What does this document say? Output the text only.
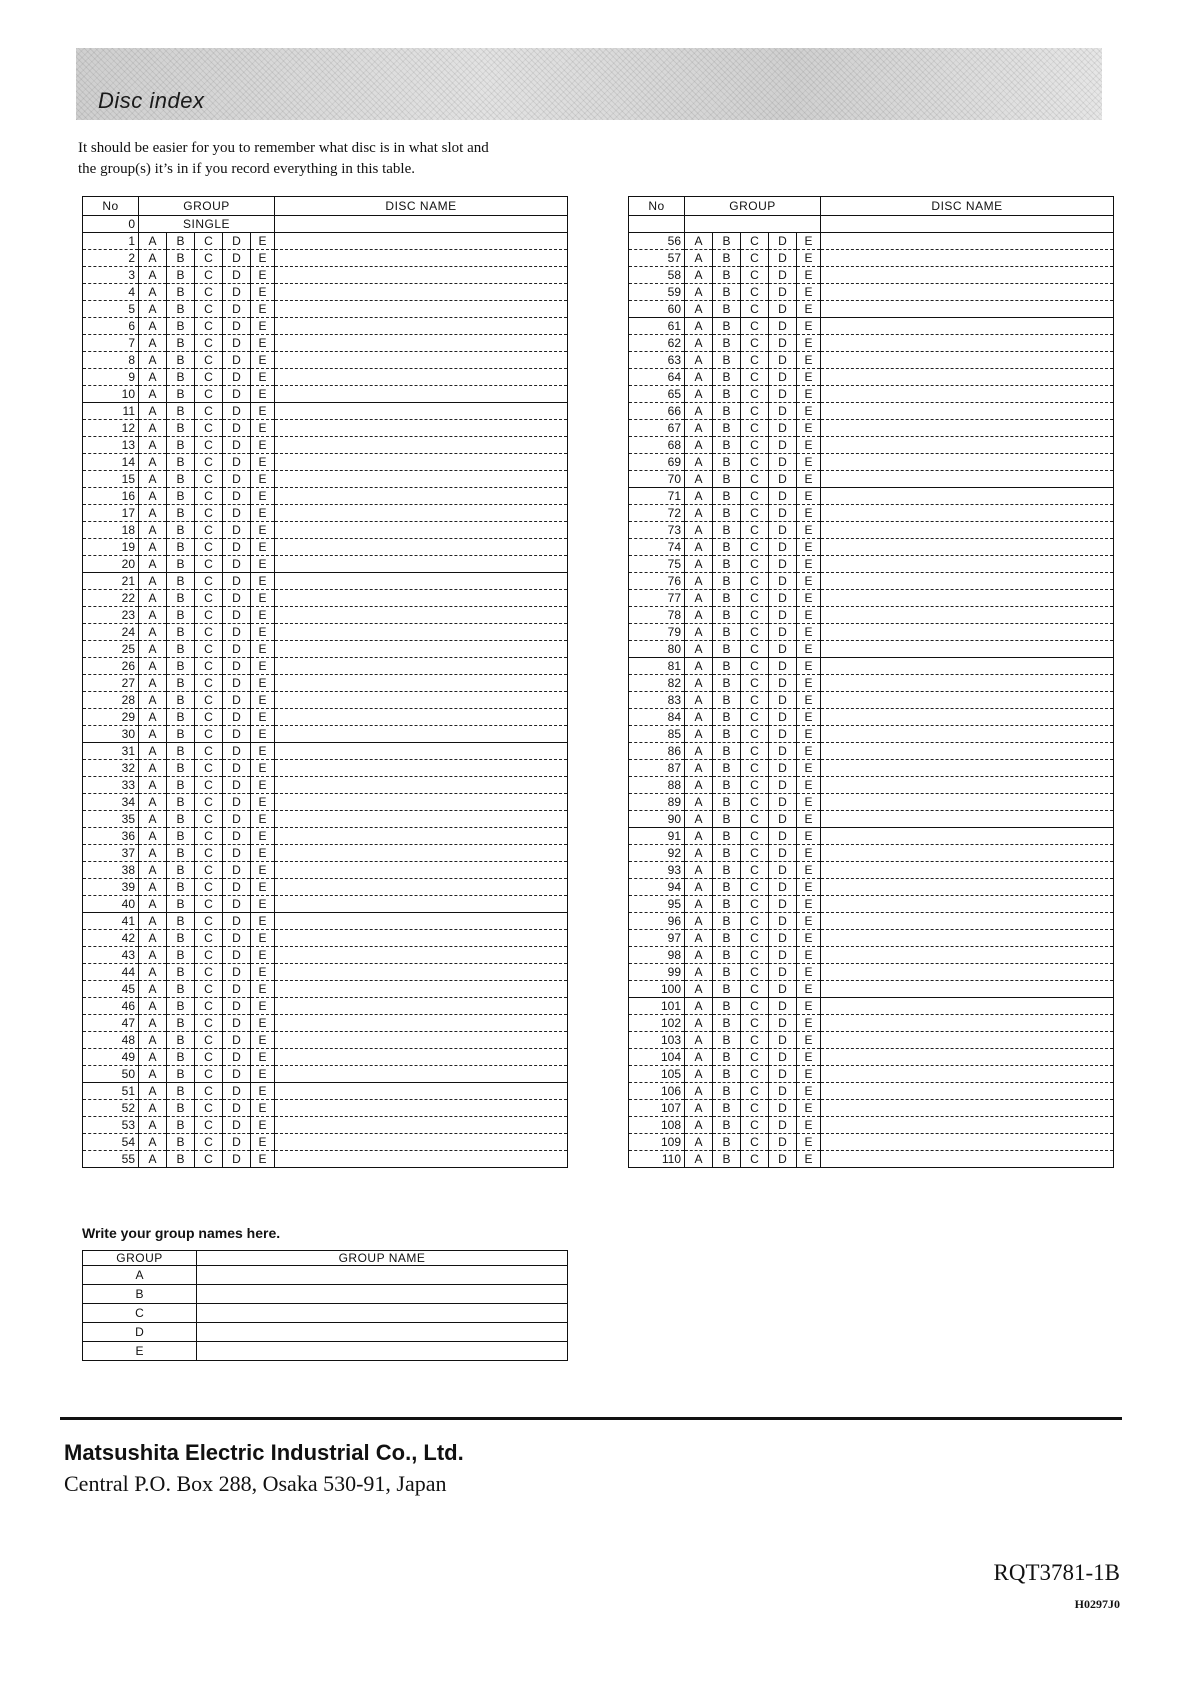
Disc index
It should be easier for you to remember what disc is in what slot and
the group(s) it’s in if you record everything in this table.
No	GROUP					DISC NAME
0	SINGLE					
1	A	B	C	D	E	
2	A	B	C	D	E	
3	A	B	C	D	E	
4	A	B	C	D	E	
5	A	B	C	D	E	
6	A	B	C	D	E	
7	A	B	C	D	E	
8	A	B	C	D	E	
9	A	B	C	D	E	
10	A	B	C	D	E	
11	A	B	C	D	E	
12	A	B	C	D	E	
13	A	B	C	D	E	
14	A	B	C	D	E	
15	A	B	C	D	E	
16	A	B	C	D	E	
17	A	B	C	D	E	
18	A	B	C	D	E	
19	A	B	C	D	E	
20	A	B	C	D	E	
21	A	B	C	D	E	
22	A	B	C	D	E	
23	A	B	C	D	E	
24	A	B	C	D	E	
25	A	B	C	D	E	
26	A	B	C	D	E	
27	A	B	C	D	E	
28	A	B	C	D	E	
29	A	B	C	D	E	
30	A	B	C	D	E	
31	A	B	C	D	E	
32	A	B	C	D	E	
33	A	B	C	D	E	
34	A	B	C	D	E	
35	A	B	C	D	E	
36	A	B	C	D	E	
37	A	B	C	D	E	
38	A	B	C	D	E	
39	A	B	C	D	E	
40	A	B	C	D	E	
41	A	B	C	D	E	
42	A	B	C	D	E	
43	A	B	C	D	E	
44	A	B	C	D	E	
45	A	B	C	D	E	
46	A	B	C	D	E	
47	A	B	C	D	E	
48	A	B	C	D	E	
49	A	B	C	D	E	
50	A	B	C	D	E	
51	A	B	C	D	E	
52	A	B	C	D	E	
53	A	B	C	D	E	
54	A	B	C	D	E	
55	A	B	C	D	E	
No	GROUP					DISC NAME

56	A	B	C	D	E	
57	A	B	C	D	E	
58	A	B	C	D	E	
59	A	B	C	D	E	
60	A	B	C	D	E	
61	A	B	C	D	E	
62	A	B	C	D	E	
63	A	B	C	D	E	
64	A	B	C	D	E	
65	A	B	C	D	E	
66	A	B	C	D	E	
67	A	B	C	D	E	
68	A	B	C	D	E	
69	A	B	C	D	E	
70	A	B	C	D	E	
71	A	B	C	D	E	
72	A	B	C	D	E	
73	A	B	C	D	E	
74	A	B	C	D	E	
75	A	B	C	D	E	
76	A	B	C	D	E	
77	A	B	C	D	E	
78	A	B	C	D	E	
79	A	B	C	D	E	
80	A	B	C	D	E	
81	A	B	C	D	E	
82	A	B	C	D	E	
83	A	B	C	D	E	
84	A	B	C	D	E	
85	A	B	C	D	E	
86	A	B	C	D	E	
87	A	B	C	D	E	
88	A	B	C	D	E	
89	A	B	C	D	E	
90	A	B	C	D	E	
91	A	B	C	D	E	
92	A	B	C	D	E	
93	A	B	C	D	E	
94	A	B	C	D	E	
95	A	B	C	D	E	
96	A	B	C	D	E	
97	A	B	C	D	E	
98	A	B	C	D	E	
99	A	B	C	D	E	
100	A	B	C	D	E	
101	A	B	C	D	E	
102	A	B	C	D	E	
103	A	B	C	D	E	
104	A	B	C	D	E	
105	A	B	C	D	E	
106	A	B	C	D	E	
107	A	B	C	D	E	
108	A	B	C	D	E	
109	A	B	C	D	E	
110	A	B	C	D	E	
Write your group names here.
GROUP	GROUP NAME
A	
B	
C	
D	
E	
Matsushita Electric Industrial Co., Ltd.
Central P.O. Box 288, Osaka 530-91, Japan
RQT3781-1B
H0297J0
